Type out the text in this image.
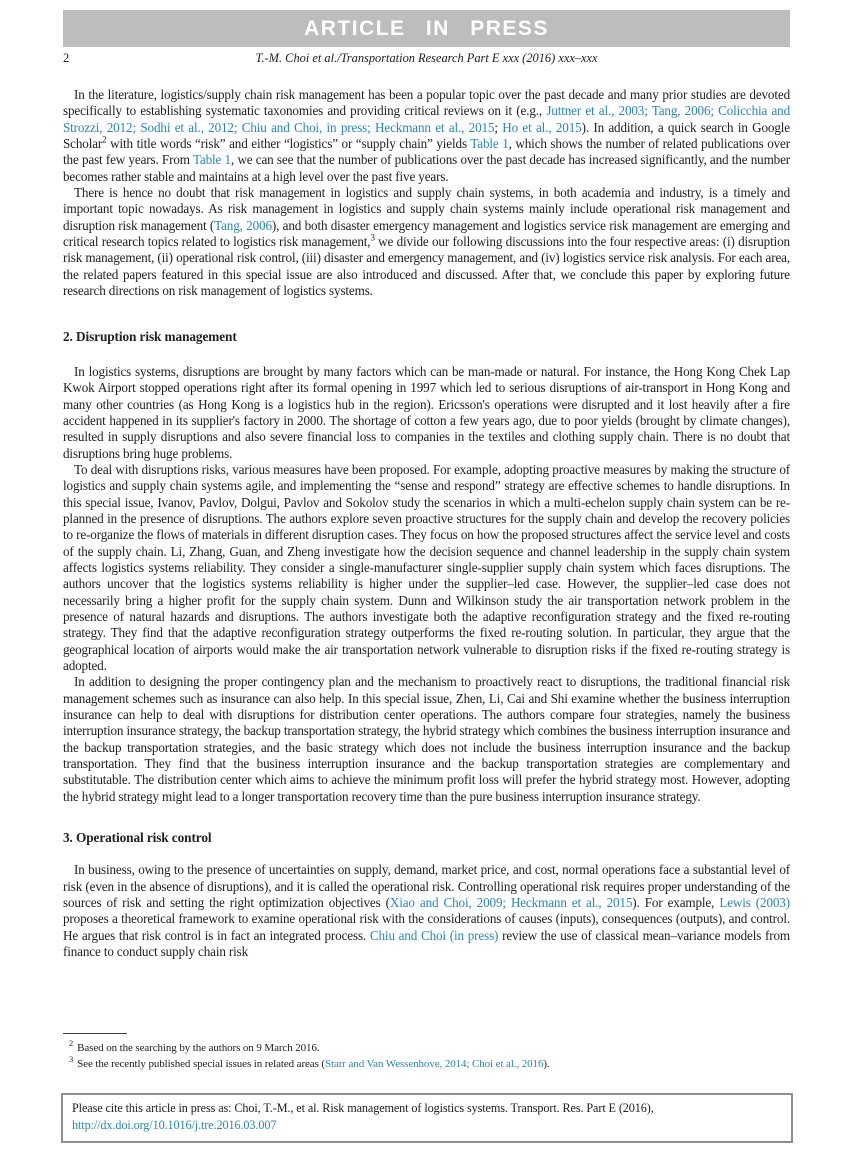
ARTICLE IN PRESS
2	T.-M. Choi et al./Transportation Research Part E xxx (2016) xxx–xxx

In the literature, logistics/supply chain risk management has been a popular topic over the past decade and many prior studies are devoted specifically to establishing systematic taxonomies and providing critical reviews on it (e.g., Juttner et al., 2003; Tang, 2006; Colicchia and Strozzi, 2012; Sodhi et al., 2012; Chiu and Choi, in press; Heckmann et al., 2015; Ho et al., 2015). In addition, a quick search in Google Scholar$^2$ with title words “risk” and either “logistics” or “supply chain” yields Table 1, which shows the number of related publications over the past few years. From Table 1, we can see that the number of publications over the past decade has increased significantly, and the number becomes rather stable and maintains at a high level over the past five years.

There is hence no doubt that risk management in logistics and supply chain systems, in both academia and industry, is a timely and important topic nowadays. As risk management in logistics and supply chain systems mainly include operational risk management and disruption risk management (Tang, 2006), and both disaster emergency management and logistics service risk management are emerging and critical research topics related to logistics risk management,$^3$ we divide our following discussions into the four respective areas: (i) disruption risk management, (ii) operational risk control, (iii) disaster and emergency management, and (iv) logistics service risk analysis. For each area, the related papers featured in this special issue are also introduced and discussed. After that, we conclude this paper by exploring future research directions on risk management of logistics systems.

2. Disruption risk management

In logistics systems, disruptions are brought by many factors which can be man-made or natural. For instance, the Hong Kong Chek Lap Kwok Airport stopped operations right after its formal opening in 1997 which led to serious disruptions of air-transport in Hong Kong and many other countries (as Hong Kong is a logistics hub in the region). Ericsson's operations were disrupted and it lost heavily after a fire accident happened in its supplier's factory in 2000. The shortage of cotton a few years ago, due to poor yields (brought by climate changes), resulted in supply disruptions and also severe financial loss to companies in the textiles and clothing supply chain. There is no doubt that disruptions bring huge problems.

To deal with disruptions risks, various measures have been proposed. For example, adopting proactive measures by making the structure of logistics and supply chain systems agile, and implementing the “sense and respond” strategy are effective schemes to handle disruptions. In this special issue, Ivanov, Pavlov, Dolgui, Pavlov and Sokolov study the scenarios in which a multi-echelon supply chain system can be re-planned in the presence of disruptions. The authors explore seven proactive structures for the supply chain and develop the recovery policies to re-organize the flows of materials in different disruption cases. They focus on how the proposed structures affect the service level and costs of the supply chain. Li, Zhang, Guan, and Zheng investigate how the decision sequence and channel leadership in the supply chain system affects logistics systems reliability. They consider a single-manufacturer single-supplier supply chain system which faces disruptions. The authors uncover that the logistics systems reliability is higher under the supplier–led case. However, the supplier–led case does not necessarily bring a higher profit for the supply chain system. Dunn and Wilkinson study the air transportation network problem in the presence of natural hazards and disruptions. The authors investigate both the adaptive reconfiguration strategy and the fixed re-routing strategy. They find that the adaptive reconfiguration strategy outperforms the fixed re-routing solution. In particular, they argue that the geographical location of airports would make the air transportation network vulnerable to disruption risks if the fixed re-routing strategy is adopted.

In addition to designing the proper contingency plan and the mechanism to proactively react to disruptions, the traditional financial risk management schemes such as insurance can also help. In this special issue, Zhen, Li, Cai and Shi examine whether the business interruption insurance can help to deal with disruptions for distribution center operations. The authors compare four strategies, namely the business interruption insurance strategy, the backup transportation strategy, the hybrid strategy which combines the business interruption insurance and the backup transportation strategies, and the basic strategy which does not include the business interruption insurance and the backup transportation. They find that the business interruption insurance and the backup transportation strategies are complementary and substitutable. The distribution center which aims to achieve the minimum profit loss will prefer the hybrid strategy most. However, adopting the hybrid strategy might lead to a longer transportation recovery time than the pure business interruption insurance strategy.

3. Operational risk control

In business, owing to the presence of uncertainties on supply, demand, market price, and cost, normal operations face a substantial level of risk (even in the absence of disruptions), and it is called the operational risk. Controlling operational risk requires proper understanding of the sources of risk and setting the right optimization objectives (Xiao and Choi, 2009; Heckmann et al., 2015). For example, Lewis (2003) proposes a theoretical framework to examine operational risk with the considerations of causes (inputs), consequences (outputs), and control. He argues that risk control is in fact an integrated process. Chiu and Choi (in press) review the use of classical mean–variance models from finance to conduct supply chain risk

$^2$ Based on the searching by the authors on 9 March 2016.
$^3$ See the recently published special issues in related areas (Starr and Van Wessenhove, 2014; Choi et al., 2016).
Please cite this article in press as: Choi, T.-M., et al. Risk management of logistics systems. Transport. Res. Part E (2016), http://dx.doi.org/10.1016/j.tre.2016.03.007
